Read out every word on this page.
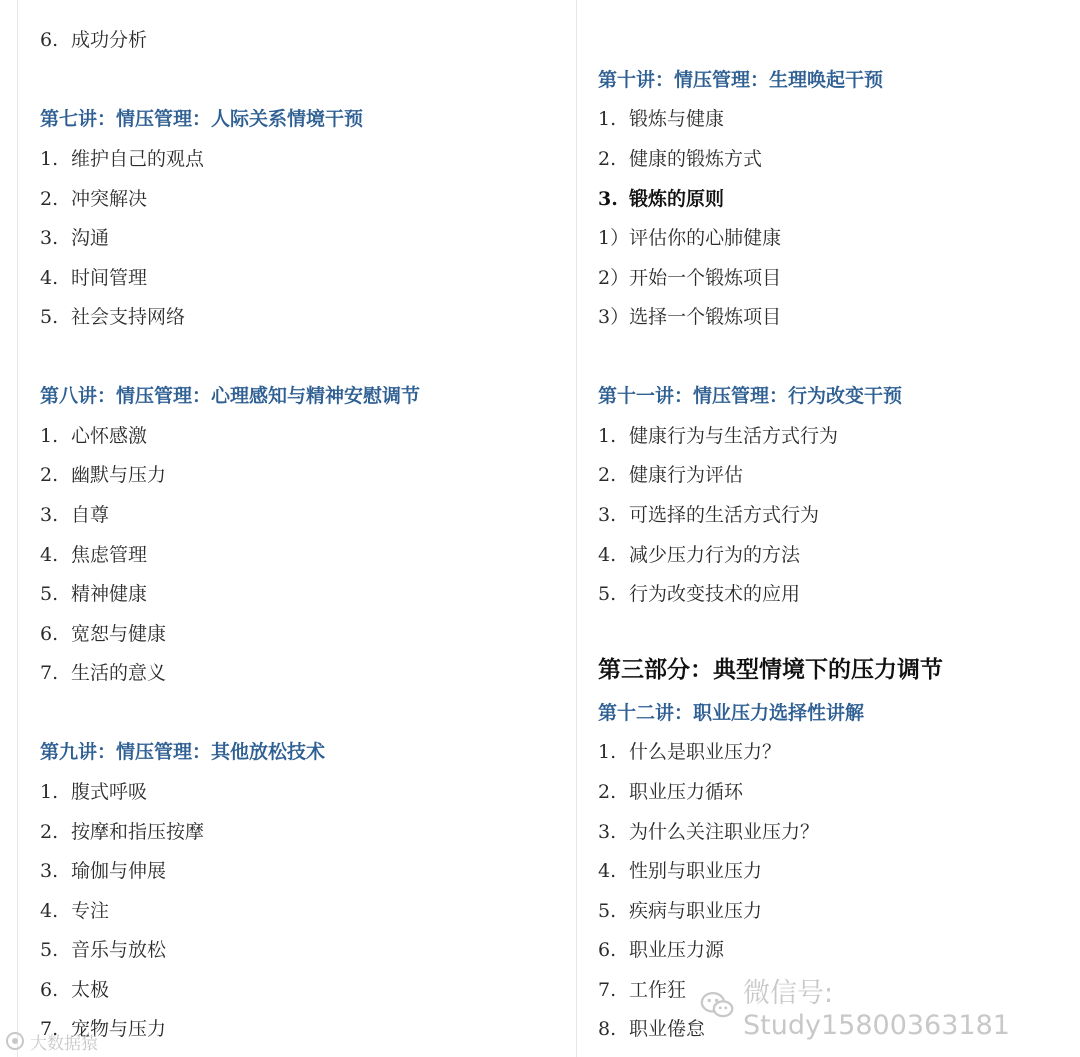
6. 成功分析
第七讲：情压管理：人际关系情境干预
1. 维护自己的观点
2. 冲突解决
3. 沟通
4. 时间管理
5. 社会支持网络
第八讲：情压管理：心理感知与精神安慰调节
1. 心怀感激
2. 幽默与压力
3. 自尊
4. 焦虑管理
5. 精神健康
6. 宽恕与健康
7. 生活的意义
第九讲：情压管理：其他放松技术
1. 腹式呼吸
2. 按摩和指压按摩
3. 瑜伽与伸展
4. 专注
5. 音乐与放松
6. 太极
7. 宠物与压力
第十讲：情压管理：生理唤起干预
1. 锻炼与健康
2. 健康的锻炼方式
3. 锻炼的原则
1）评估你的心肺健康
2）开始一个锻炼项目
3）选择一个锻炼项目
第十一讲：情压管理：行为改变干预
1. 健康行为与生活方式行为
2. 健康行为评估
3. 可选择的生活方式行为
4. 减少压力行为的方法
5. 行为改变技术的应用
第三部分：典型情境下的压力调节
第十二讲：职业压力选择性讲解
1. 什么是职业压力？
2. 职业压力循环
3. 为什么关注职业压力？
4. 性别与职业压力
5. 疾病与职业压力
6. 职业压力源
7. 工作狂
8. 职业倦怠
微信号: Study15800363181
大数据猿
